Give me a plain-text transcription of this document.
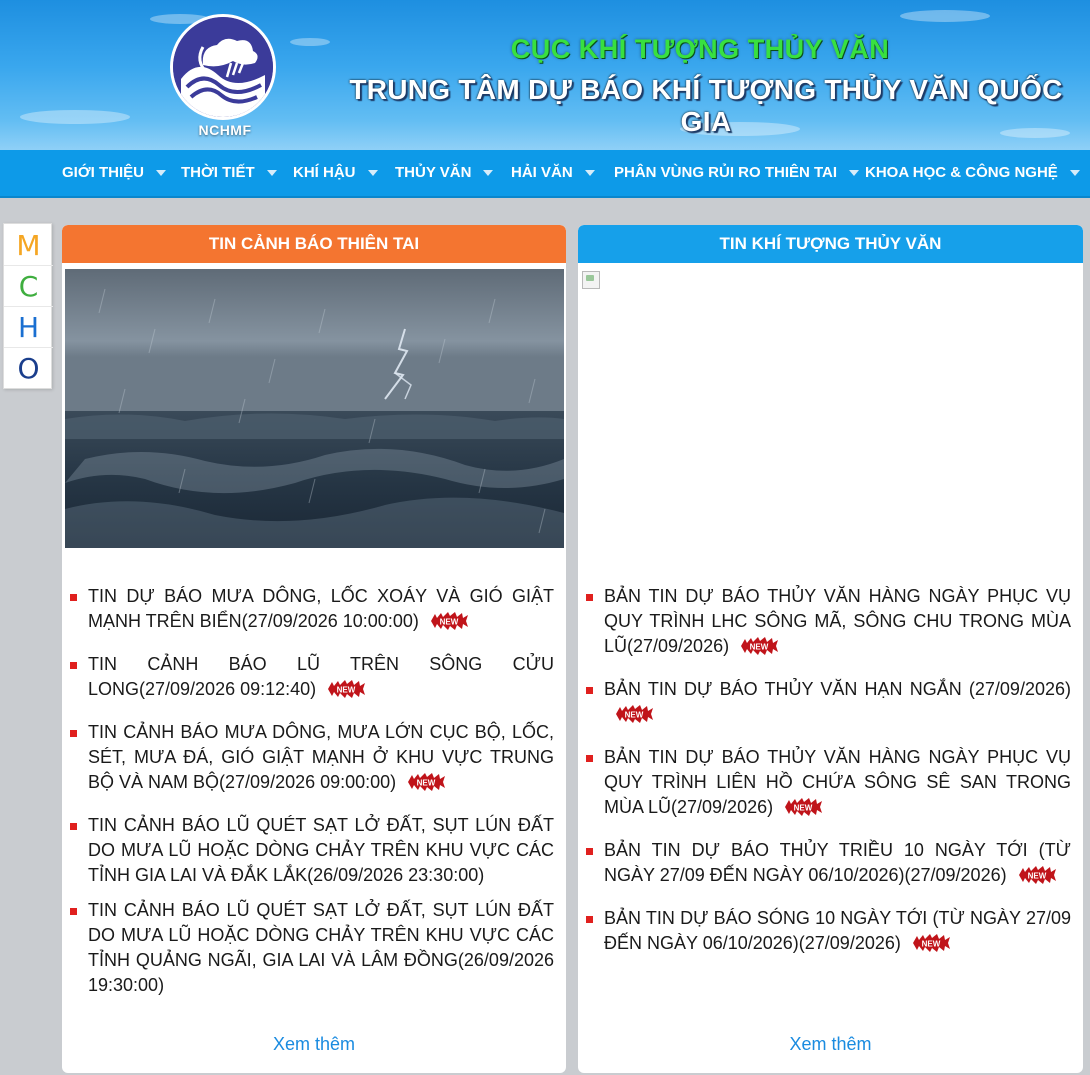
NCHMF
CỤC KHÍ TƯỢNG THỦY VĂN
TRUNG TÂM DỰ BÁO KHÍ TƯỢNG THỦY VĂN QUỐC GIA
GIỚI THIỆU	THỜI TIẾT	KHÍ HẬU	THỦY VĂN	HẢI VĂN	PHÂN VÙNG RỦI RO THIÊN TAI	KHOA HỌC & CÔNG NGHỆ
M
C
H
O
TIN CẢNH BÁO THIÊN TAI
TIN DỰ BÁO MƯA DÔNG, LỐC XOÁY VÀ GIÓ GIẬT MẠNH TRÊN BIỂN(27/09/2026 10:00:00)	NEW
TIN CẢNH BÁO LŨ TRÊN SÔNG CỬU LONG(27/09/2026 09:12:40)	NEW
TIN CẢNH BÁO MƯA DÔNG, MƯA LỚN CỤC BỘ, LỐC, SÉT, MƯA ĐÁ, GIÓ GIẬT MẠNH Ở KHU VỰC TRUNG BỘ VÀ NAM BỘ(27/09/2026 09:00:00)	NEW
TIN CẢNH BÁO LŨ QUÉT SẠT LỞ ĐẤT, SỤT LÚN ĐẤT DO MƯA LŨ HOẶC DÒNG CHẢY TRÊN KHU VỰC CÁC TỈNH GIA LAI VÀ ĐẮK LẮK(26/09/2026 23:30:00)
TIN CẢNH BÁO LŨ QUÉT SẠT LỞ ĐẤT, SỤT LÚN ĐẤT DO MƯA LŨ HOẶC DÒNG CHẢY TRÊN KHU VỰC CÁC TỈNH QUẢNG NGÃI, GIA LAI VÀ LÂM ĐỒNG(26/09/2026 19:30:00)
Xem thêm
TIN KHÍ TƯỢNG THỦY VĂN
BẢN TIN DỰ BÁO THỦY VĂN HÀNG NGÀY PHỤC VỤ QUY TRÌNH LHC SÔNG MÃ, SÔNG CHU TRONG MÙA LŨ(27/09/2026)	NEW
BẢN TIN DỰ BÁO THỦY VĂN HẠN NGẮN (27/09/2026)
NEW
BẢN TIN DỰ BÁO THỦY VĂN HÀNG NGÀY PHỤC VỤ QUY TRÌNH LIÊN HỒ CHỨA SÔNG SÊ SAN TRONG MÙA LŨ(27/09/2026)	NEW
BẢN TIN DỰ BÁO THỦY TRIỀU 10 NGÀY TỚI (TỪ NGÀY 27/09 ĐẾN NGÀY 06/10/2026)(27/09/2026)	NEW
BẢN TIN DỰ BÁO SÓNG 10 NGÀY TỚI (TỪ NGÀY 27/09 ĐẾN NGÀY 06/10/2026)(27/09/2026)	NEW
Xem thêm
